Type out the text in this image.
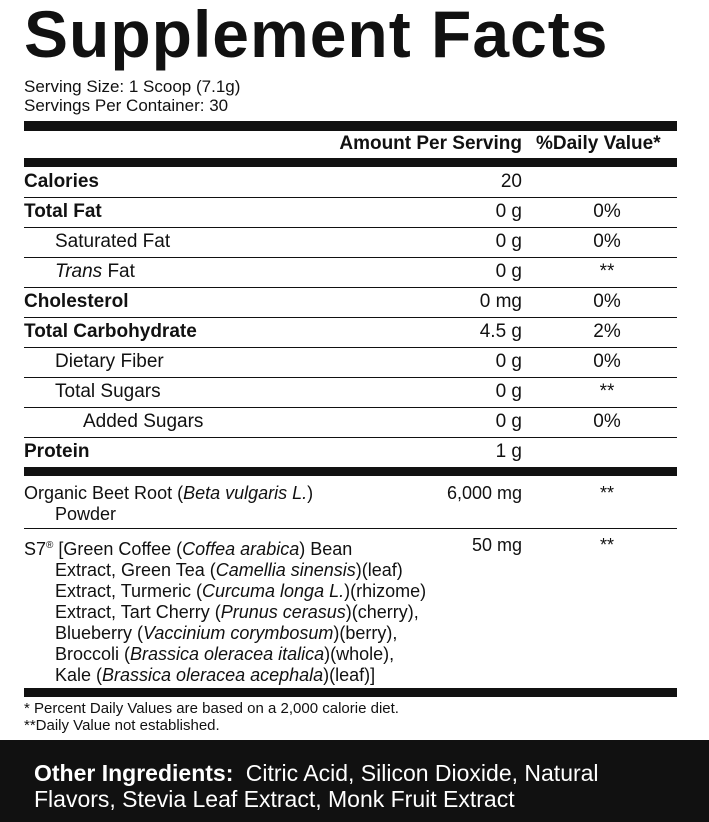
Supplement Facts
Serving Size: 1 Scoop (7.1g)
Servings Per Container: 30
Amount Per Serving %Daily Value*
Calories	20
Total Fat	0 g	0%
Saturated Fat	0 g	0%
Trans Fat	0 g	**
Cholesterol	0 mg	0%
Total Carbohydrate	4.5 g	2%
Dietary Fiber	0 g	0%
Total Sugars	0 g	**
Added Sugars	0 g	0%
Protein	1 g
Organic Beet Root (Beta vulgaris L.)
Powder
6,000 mg	**
S7® [Green Coffee (Coffea arabica) Bean
Extract, Green Tea (Camellia sinensis)(leaf)
Extract, Turmeric (Curcuma longa L.)(rhizome)
Extract, Tart Cherry (Prunus cerasus)(cherry),
Blueberry (Vaccinium corymbosum)(berry),
Broccoli (Brassica oleracea italica)(whole),
Kale (Brassica oleracea acephala)(leaf)]
50 mg	**
* Percent Daily Values are based on a 2,000 calorie diet.
**Daily Value not established.
Other Ingredients: Citric Acid, Silicon Dioxide, Natural Flavors, Stevia Leaf Extract, Monk Fruit Extract
